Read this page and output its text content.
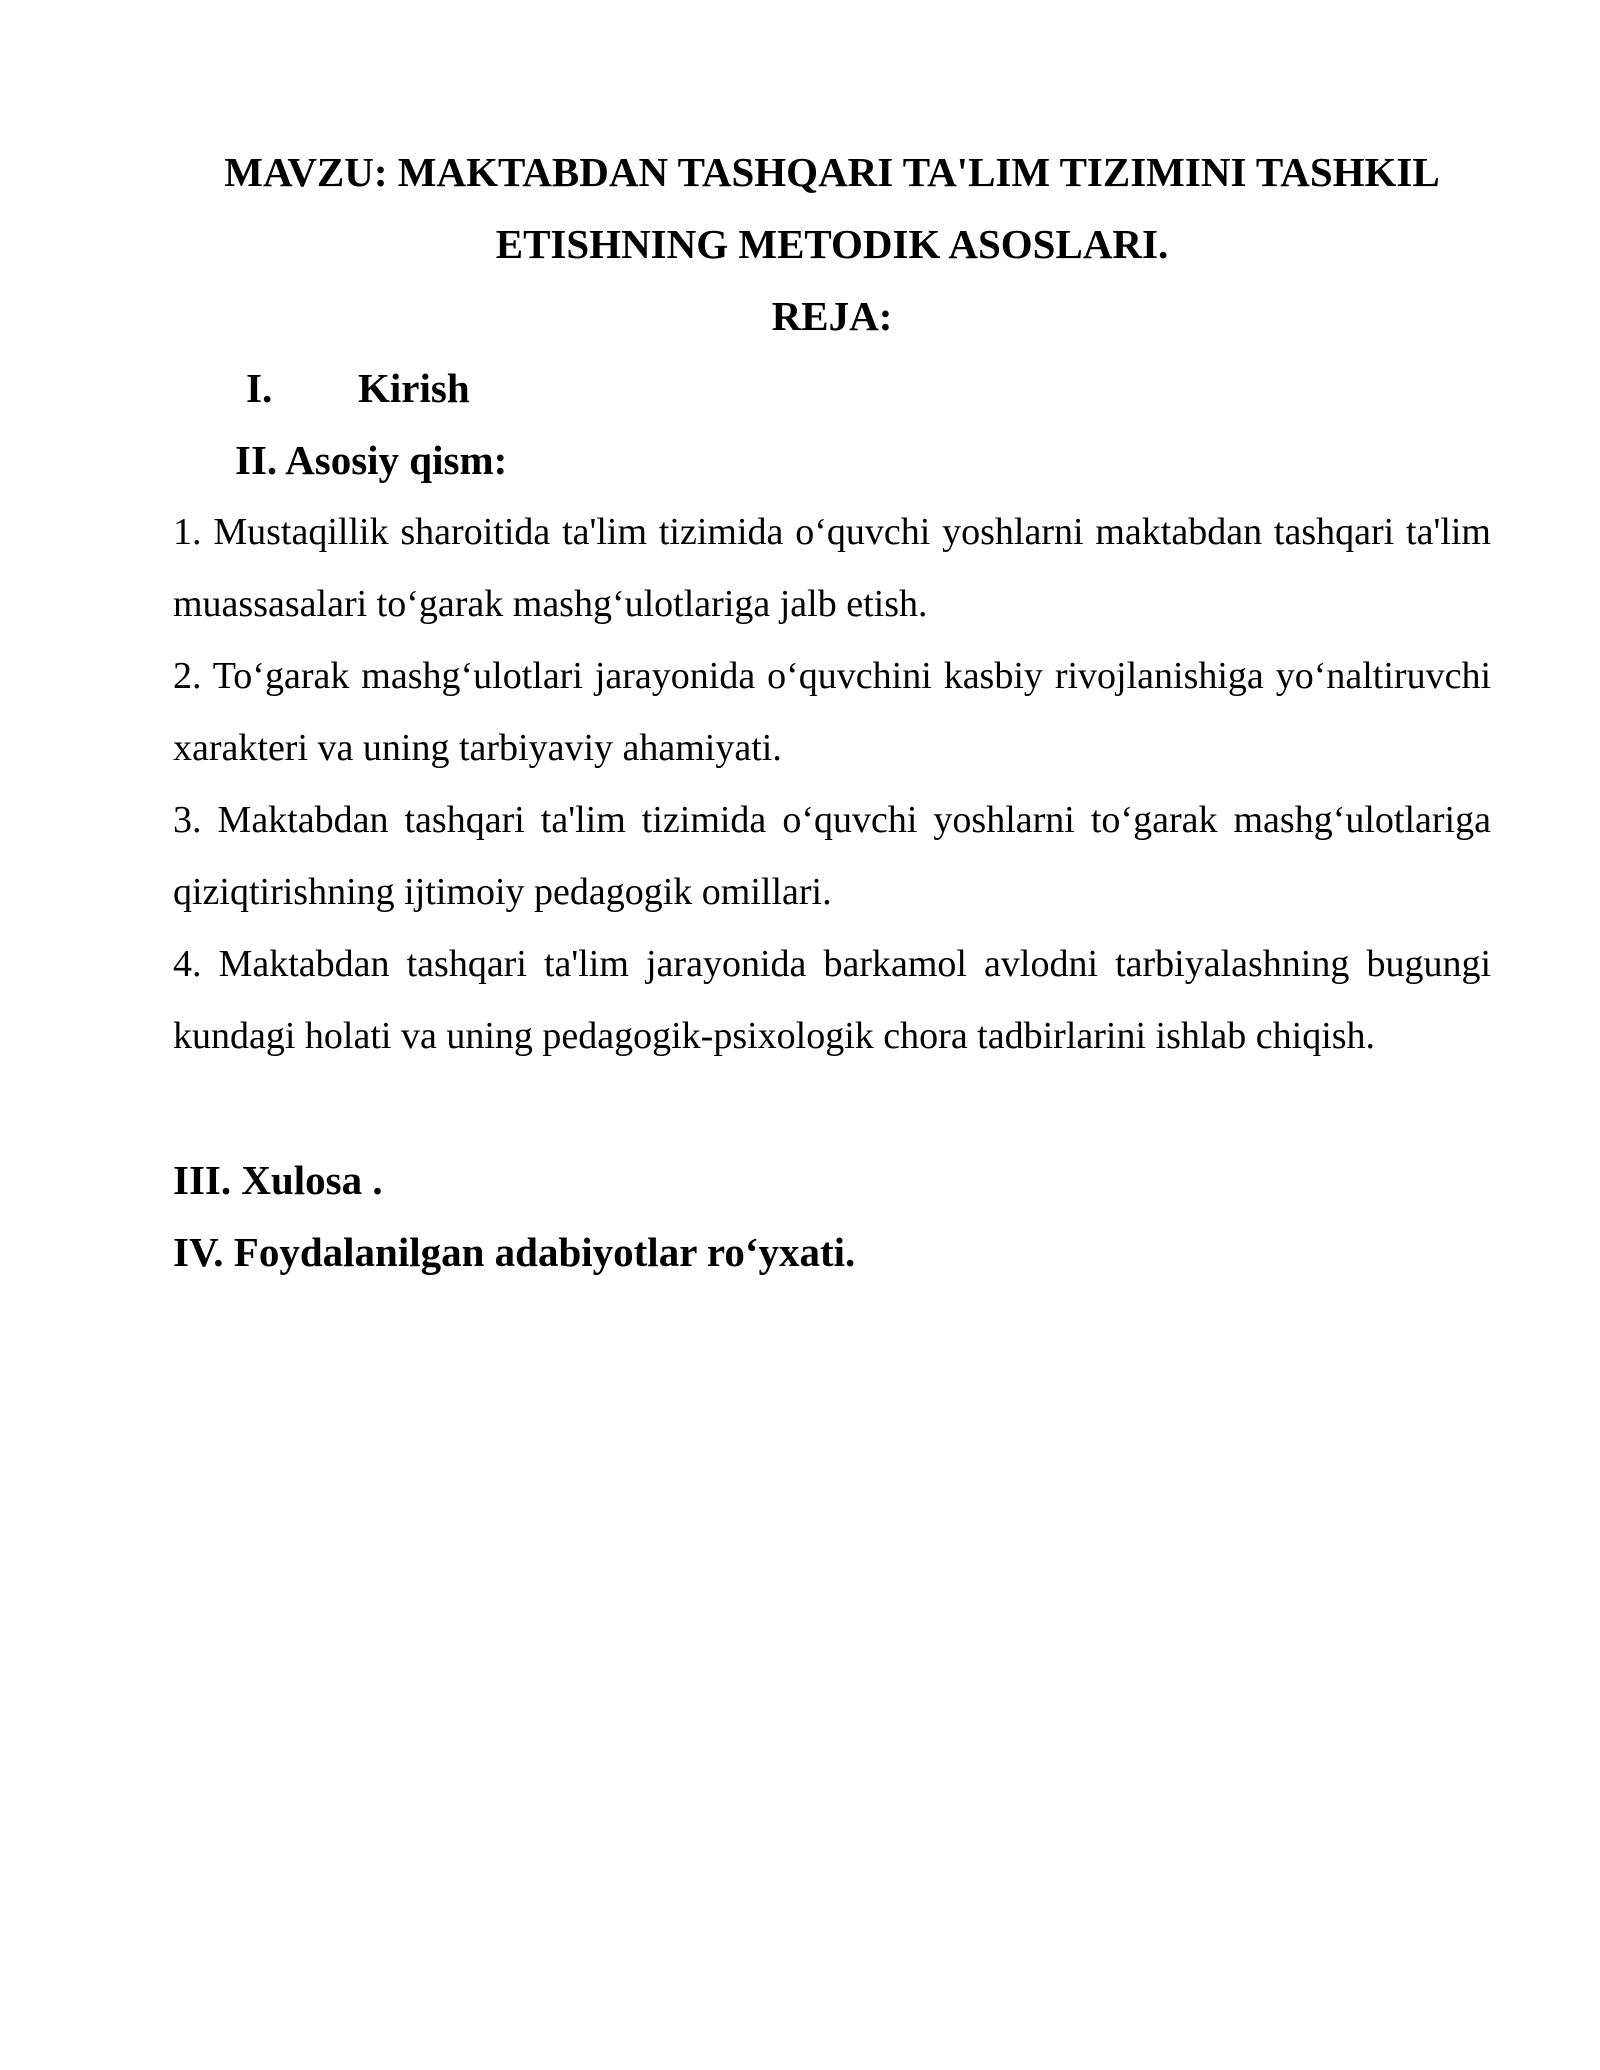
MAVZU: MAKTABDAN TASHQARI TA'LIM TIZIMINI TASHKIL ETISHNING METODIK ASOSLARI.
REJA:
I. Kirish
II. Asosiy qism:

1. Mustaqillik sharoitida ta'lim tizimida o‘quvchi yoshlarni maktabdan tashqari ta'lim muassasalari to‘garak mashg‘ulotlariga jalb etish.

2. To‘garak mashg‘ulotlari jarayonida o‘quvchini kasbiy rivojlanishiga yo‘naltiruvchi xarakteri va uning tarbiyaviy ahamiyati.

3. Maktabdan tashqari ta'lim tizimida o‘quvchi yoshlarni to‘garak mashg‘ulotlariga qiziqtirishning ijtimoiy pedagogik omillari.

4. Maktabdan tashqari ta'lim jarayonida barkamol avlodni tarbiyalashning bugungi kundagi holati va uning pedagogik-psixologik chora tadbirlarini ishlab chiqish.

III. Xulosa .
IV. Foydalanilgan adabiyotlar ro‘yxati.
